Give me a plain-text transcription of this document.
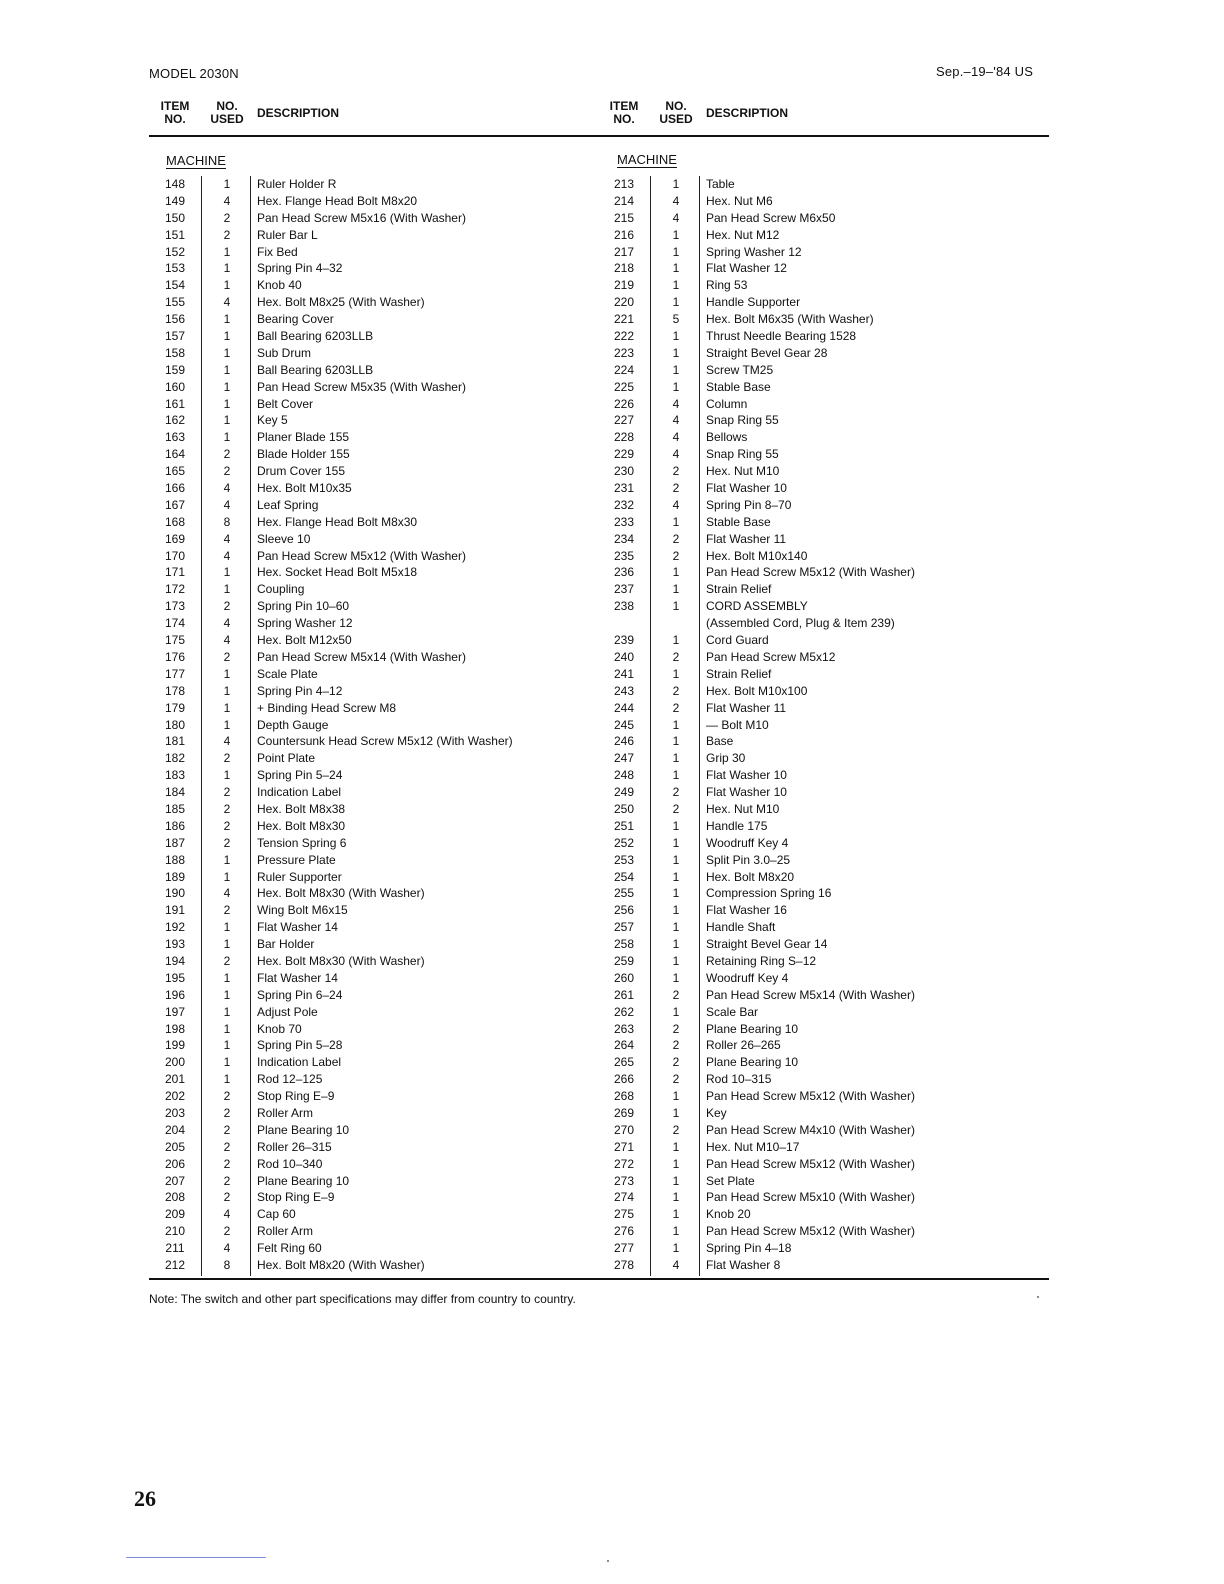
MODEL 2030N	Sep.–19–'84 US
ITEM
NO.
NO.
USED	DESCRIPTION	ITEM
NO.
NO.
USED	DESCRIPTION
MACHINE	MACHINE
148	1	Ruler Holder R
149	4	Hex. Flange Head Bolt M8x20
150	2	Pan Head Screw M5x16 (With Washer)
151	2	Ruler Bar L
152	1	Fix Bed
153	1	Spring Pin 4–32
154	1	Knob 40
155	4	Hex. Bolt M8x25 (With Washer)
156	1	Bearing Cover
157	1	Ball Bearing 6203LLB
158	1	Sub Drum
159	1	Ball Bearing 6203LLB
160	1	Pan Head Screw M5x35 (With Washer)
161	1	Belt Cover
162	1	Key 5
163	1	Planer Blade 155
164	2	Blade Holder 155
165	2	Drum Cover 155
166	4	Hex. Bolt M10x35
167	4	Leaf Spring
168	8	Hex. Flange Head Bolt M8x30
169	4	Sleeve 10
170	4	Pan Head Screw M5x12 (With Washer)
171	1	Hex. Socket Head Bolt M5x18
172	1	Coupling
173	2	Spring Pin 10–60
174	4	Spring Washer 12
175	4	Hex. Bolt M12x50
176	2	Pan Head Screw M5x14 (With Washer)
177	1	Scale Plate
178	1	Spring Pin 4–12
179	1	+ Binding Head Screw M8
180	1	Depth Gauge
181	4	Countersunk Head Screw M5x12 (With Washer)
182	2	Point Plate
183	1	Spring Pin 5–24
184	2	Indication Label
185	2	Hex. Bolt M8x38
186	2	Hex. Bolt M8x30
187	2	Tension Spring 6
188	1	Pressure Plate
189	1	Ruler Supporter
190	4	Hex. Bolt M8x30 (With Washer)
191	2	Wing Bolt M6x15
192	1	Flat Washer 14
193	1	Bar Holder
194	2	Hex. Bolt M8x30 (With Washer)
195	1	Flat Washer 14
196	1	Spring Pin 6–24
197	1	Adjust Pole
198	1	Knob 70
199	1	Spring Pin 5–28
200	1	Indication Label
201	1	Rod 12–125
202	2	Stop Ring E–9
203	2	Roller Arm
204	2	Plane Bearing 10
205	2	Roller 26–315
206	2	Rod 10–340
207	2	Plane Bearing 10
208	2	Stop Ring E–9
209	4	Cap 60
210	2	Roller Arm
211	4	Felt Ring 60
212	8	Hex. Bolt M8x20 (With Washer)
213	1	Table
214	4	Hex. Nut M6
215	4	Pan Head Screw M6x50
216	1	Hex. Nut M12
217	1	Spring Washer 12
218	1	Flat Washer 12
219	1	Ring 53
220	1	Handle Supporter
221	5	Hex. Bolt M6x35 (With Washer)
222	1	Thrust Needle Bearing 1528
223	1	Straight Bevel Gear 28
224	1	Screw TM25
225	1	Stable Base
226	4	Column
227	4	Snap Ring 55
228	4	Bellows
229	4	Snap Ring 55
230	2	Hex. Nut M10
231	2	Flat Washer 10
232	4	Spring Pin 8–70
233	1	Stable Base
234	2	Flat Washer 11
235	2	Hex. Bolt M10x140
236	1	Pan Head Screw M5x12 (With Washer)
237	1	Strain Relief
238	1	CORD ASSEMBLY
(Assembled Cord, Plug & Item 239)
239	1	Cord Guard
240	2	Pan Head Screw M5x12
241	1	Strain Relief
243	2	Hex. Bolt M10x100
244	2	Flat Washer 11
245	1	— Bolt M10
246	1	Base
247	1	Grip 30
248	1	Flat Washer 10
249	2	Flat Washer 10
250	2	Hex. Nut M10
251	1	Handle 175
252	1	Woodruff Key 4
253	1	Split Pin 3.0–25
254	1	Hex. Bolt M8x20
255	1	Compression Spring 16
256	1	Flat Washer 16
257	1	Handle Shaft
258	1	Straight Bevel Gear 14
259	1	Retaining Ring S–12
260	1	Woodruff Key 4
261	2	Pan Head Screw M5x14 (With Washer)
262	1	Scale Bar
263	2	Plane Bearing 10
264	2	Roller 26–265
265	2	Plane Bearing 10
266	2	Rod 10–315
268	1	Pan Head Screw M5x12 (With Washer)
269	1	Key
270	2	Pan Head Screw M4x10 (With Washer)
271	1	Hex. Nut M10–17
272	1	Pan Head Screw M5x12 (With Washer)
273	1	Set Plate
274	1	Pan Head Screw M5x10 (With Washer)
275	1	Knob 20
276	1	Pan Head Screw M5x12 (With Washer)
277	1	Spring Pin 4–18
278	4	Flat Washer 8
Note: The switch and other part specifications may differ from country to country.
26
